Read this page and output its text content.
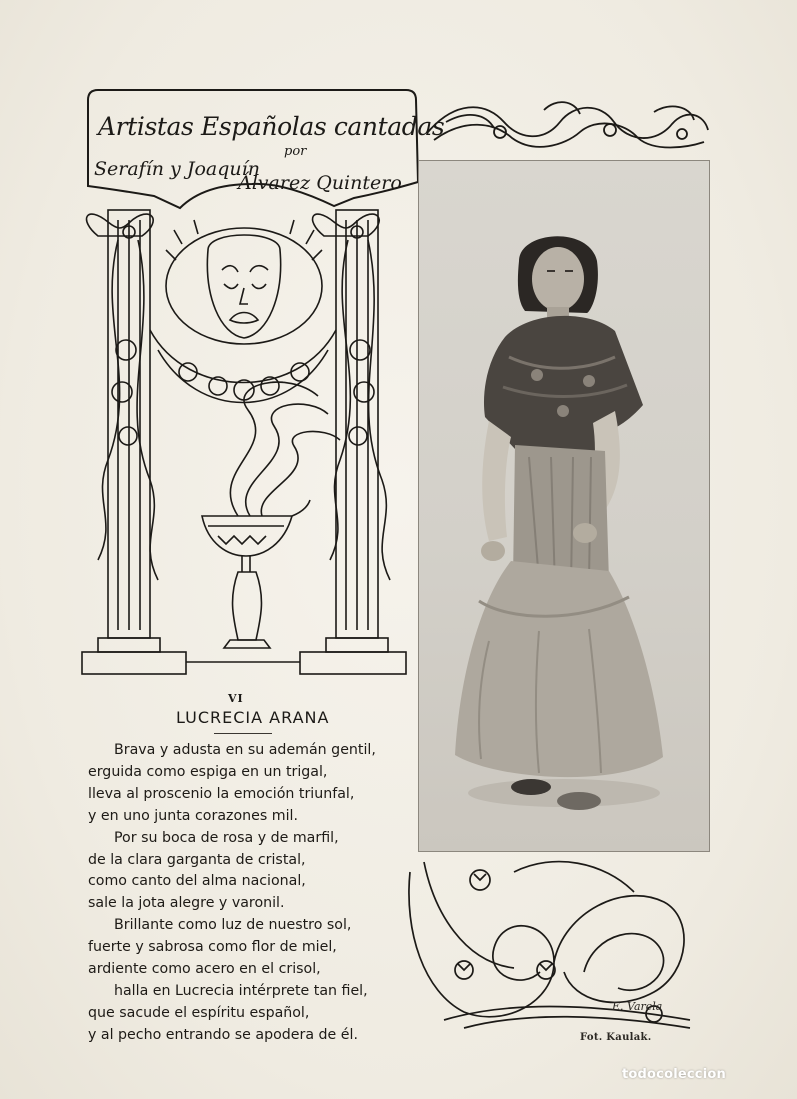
Artistas Españolas cantadas
por
Serafín y Joaquín
Álvarez Quintero
E. Varela
VI
LUCRECIA ARANA
Brava y adusta en su ademán gentil,
erguida como espiga en un trigal,
lleva al proscenio la emoción triunfal,
y en uno junta corazones mil.
Por su boca de rosa y de marfil,
de la clara garganta de cristal,
como canto del alma nacional,
sale la jota alegre y varonil.
Brillante como luz de nuestro sol,
fuerte y sabrosa como flor de miel,
ardiente como acero en el crisol,
halla en Lucrecia intérprete tan fiel,
que sacude el espíritu español,
y al pecho entrando se apodera de él.	Fot. Kaulak.
todocoleccion
